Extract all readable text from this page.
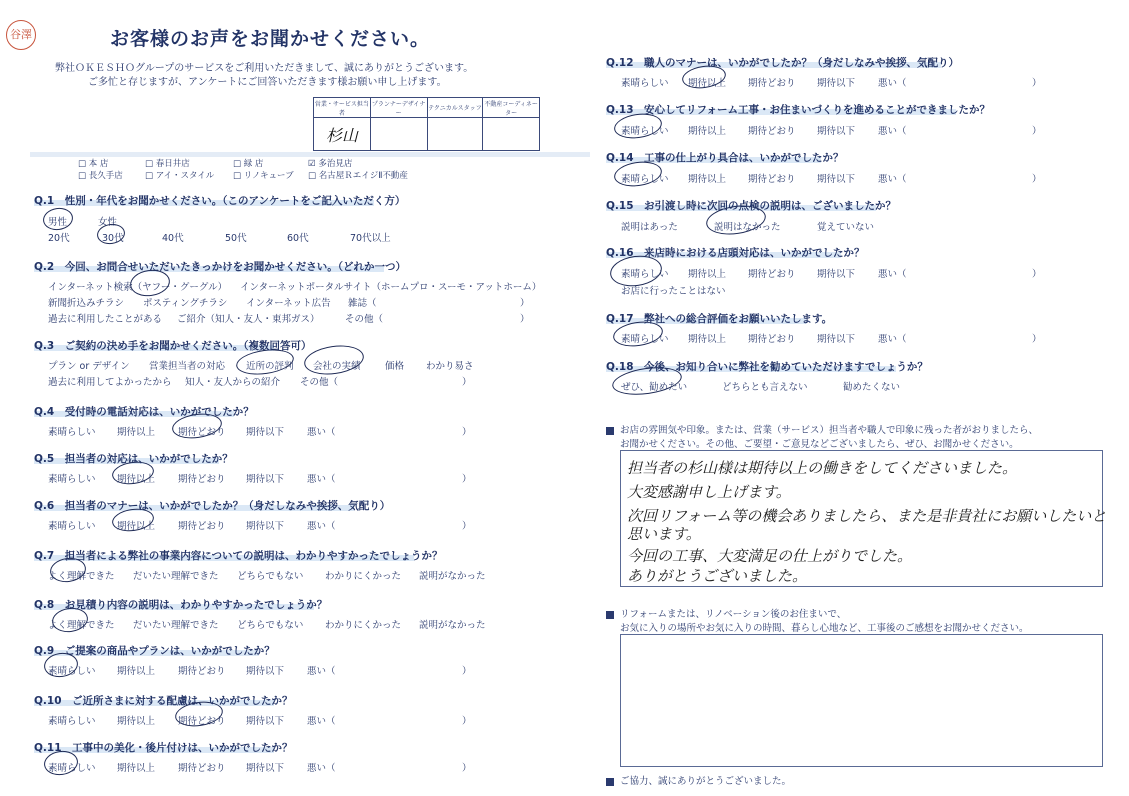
谷澤	お客様のお声をお聞かせください。
弊社ＯＫＥＳＨＯグループのサービスをご利用いただきまして、誠にありがとうございます。
ご多忙と存じますが、アンケートにご回答いただきます様お願い申し上げます。
営業・サービス担当者	プランナーデザイナー	テクニカルスタッフ	不動産コーディネーター
杉山			
□ 本 店	□ 春日井店	□ 緑 店	☑ 多治見店
□ 長久手店	□ アイ・スタイル □ リノキューブ □ 名古屋ＲエイジⅡ不動産
Q.1　性別・年代をお聞かせください。（このアンケートをご記入いただく方）
男性	女性
20代	30代	40代	50代	60代	70代以上
Q.2　今回、お問合せいただいたきっかけをお聞かせください。（どれか一つ）
インターネット検索（ヤフー・グーグル） インターネットポータルサイト（ホームプロ・スーモ・アットホーム）
新聞折込みチラシ ポスティングチラシ インターネット広告 雑誌（	）
過去に利用したことがある ご紹介（知人・友人・東邦ガス）	その他（	）
Q.3　ご契約の決め手をお聞かせください。（複数回答可）
プラン or デザイン 営業担当者の対応 近所の評判 会社の実績	価格 わかり易さ
過去に利用してよかったから 知人・友人からの紹介 その他（	）
Q.4　受付時の電話対応は、いかがでしたか？
素晴らしい 期待以上 期待どおり 期待以下 悪い（	）
Q.5　担当者の対応は、いかがでしたか？
素晴らしい 期待以上 期待どおり 期待以下 悪い（	）
Q.6　担当者のマナーは、いかがでしたか？（身だしなみや挨拶、気配り）
素晴らしい 期待以上 期待どおり 期待以下 悪い（	）
Q.7　担当者による弊社の事業内容についての説明は、わかりやすかったでしょうか？
よく理解できた だいたい理解できた どちらでもない わかりにくかった 説明がなかった
Q.8　お見積り内容の説明は、わかりやすかったでしょうか？
よく理解できた だいたい理解できた どちらでもない わかりにくかった 説明がなかった
Q.9　ご提案の商品やプランは、いかがでしたか？
素晴らしい 期待以上 期待どおり 期待以下 悪い（	）
Q.10　ご近所さまに対する配慮は、いかがでしたか？
素晴らしい 期待以上 期待どおり 期待以下 悪い（	）
Q.11　工事中の美化・後片付けは、いかがでしたか？
素晴らしい 期待以上 期待どおり 期待以下 悪い（	）
Q.12　職人のマナーは、いかがでしたか？（身だしなみや挨拶、気配り）
素晴らしい 期待以上 期待どおり 期待以下 悪い（	）
Q.13　安心してリフォーム工事・お住まいづくりを進めることができましたか？
素晴らしい 期待以上 期待どおり 期待以下 悪い（	）
Q.14　工事の仕上がり具合は、いかがでしたか？
素晴らしい 期待以上 期待どおり 期待以下 悪い（	）
Q.15　お引渡し時に次回の点検の説明は、ございましたか？
説明はあった	説明はなかった	覚えていない
Q.16　来店時における店頭対応は、いかがでしたか？
素晴らしい 期待以上 期待どおり 期待以下 悪い（	）
お店に行ったことはない
Q.17　弊社への総合評価をお願いいたします。
素晴らしい 期待以上 期待どおり 期待以下 悪い（	）
Q.18　今後、お知り合いに弊社を勧めていただけますでしょうか？
ぜひ、勧めたい	どちらとも言えない	勧めたくない
お店の雰囲気や印象。または、営業（サービス）担当者や職人で印象に残った者がおりましたら、
お聞かせください。その他、ご要望・ご意見などございましたら、ぜひ、お聞かせください。
担当者の杉山様は期待以上の働きをしてくださいました。
大変感謝申し上げます。
次回リフォーム等の機会ありましたら、また是非貴社にお願いしたいと
思います。
今回の工事、大変満足の仕上がりでした。
ありがとうございました。
リフォームまたは、リノベーション後のお住まいで、
お気に入りの場所やお気に入りの時間、暮らし心地など、工事後のご感想をお聞かせください。
ご協力、誠にありがとうございました。
